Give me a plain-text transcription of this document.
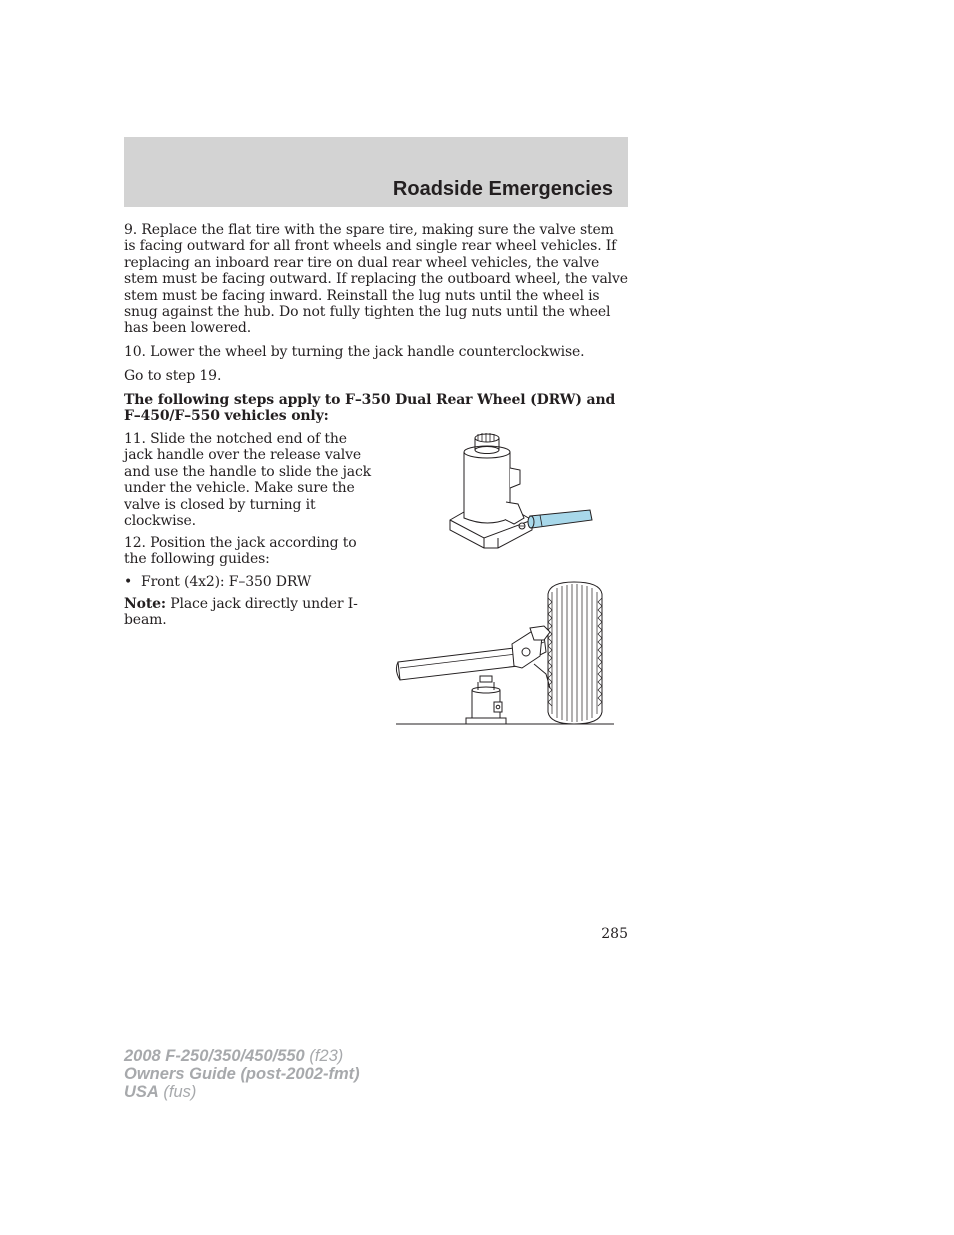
Roadside Emergencies

9. Replace the flat tire with the spare tire, making sure the valve stem is facing outward for all front wheels and single rear wheel vehicles. If replacing an inboard rear tire on dual rear wheel vehicles, the valve stem must be facing outward. If replacing the outboard wheel, the valve stem must be facing inward. Reinstall the lug nuts until the wheel is snug against the hub. Do not fully tighten the lug nuts until the wheel has been lowered.

10. Lower the wheel by turning the jack handle counterclockwise.

Go to step 19.

The following steps apply to F–350 Dual Rear Wheel (DRW) and F–450/F–550 vehicles only:

11. Slide the notched end of the jack handle over the release valve and use the handle to slide the jack under the vehicle. Make sure the valve is closed by turning it clockwise.

12. Position the jack according to the following guides:

• Front (4x2): F–350 DRW

Note: Place jack directly under I-beam.

285
2008 F-250/350/450/550 (f23)
Owners Guide (post-2002-fmt)
USA (fus)
